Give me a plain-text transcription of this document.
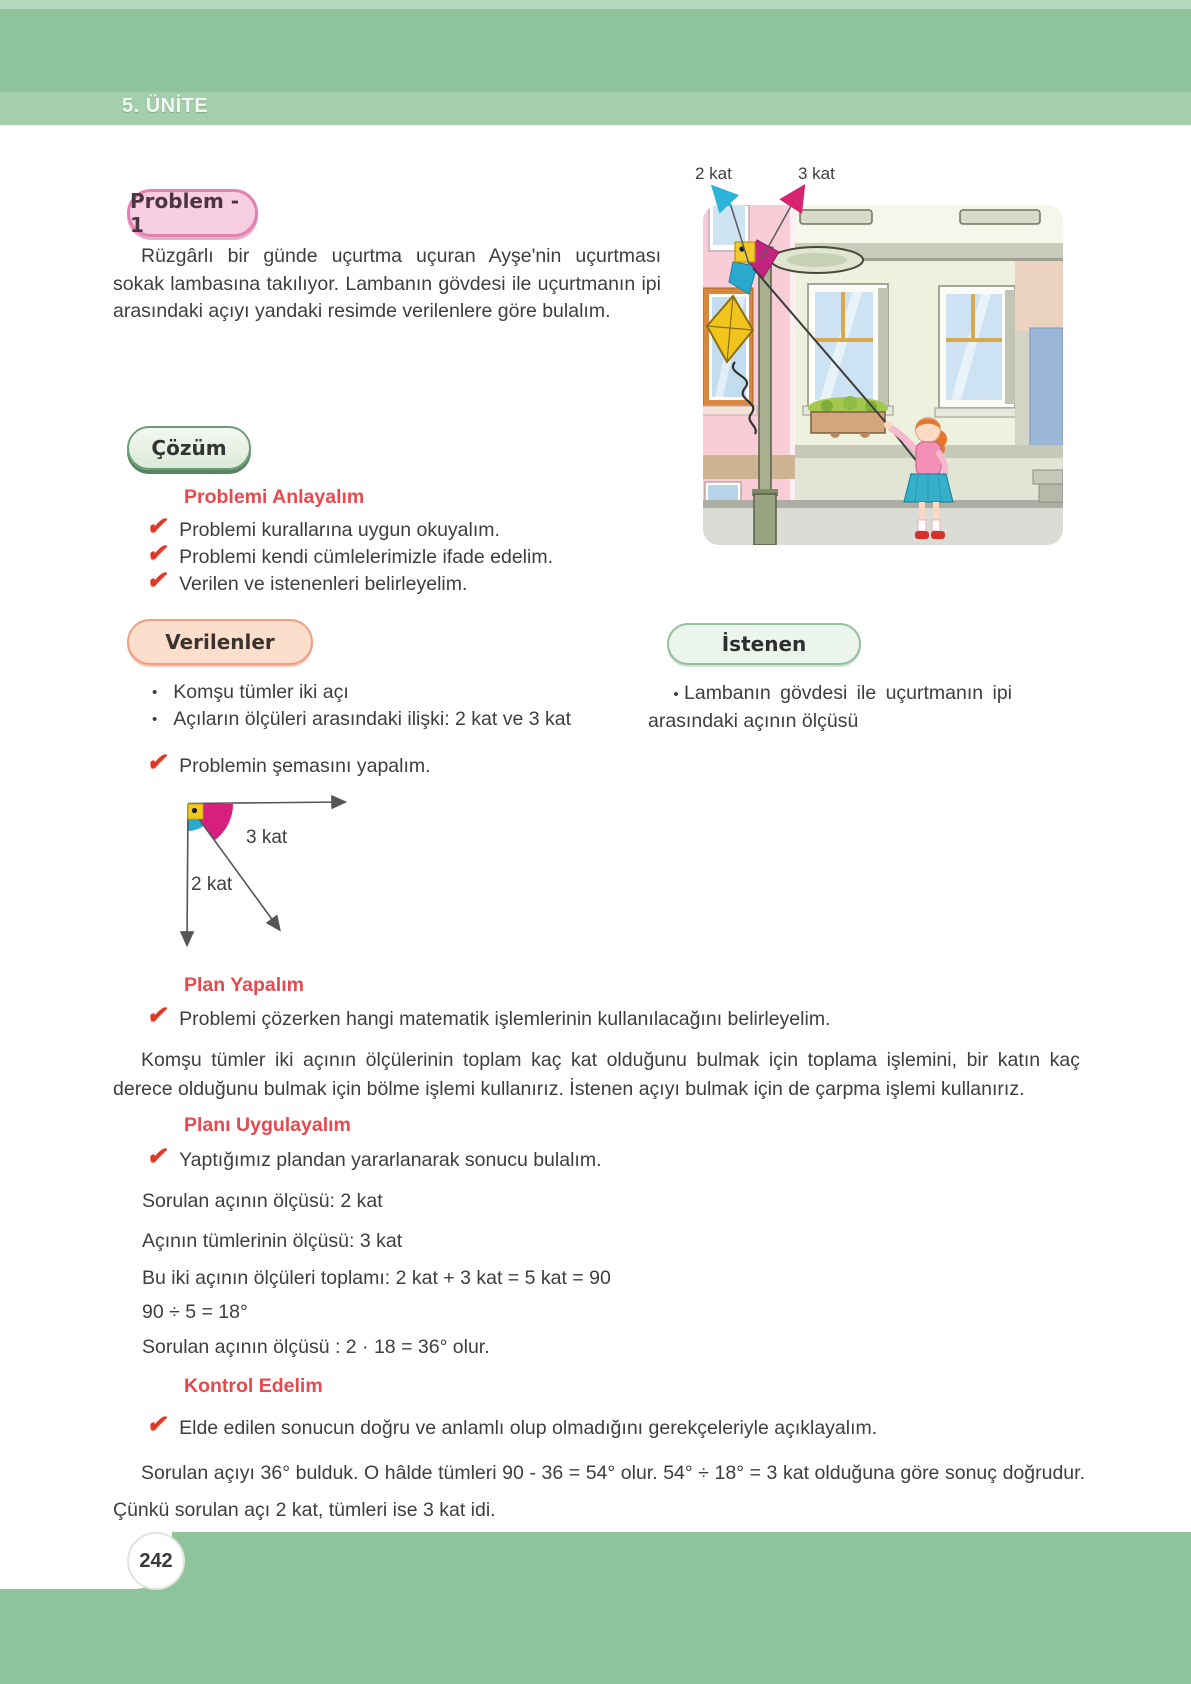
5. ÜNİTE
Problem - 1

Rüzgârlı bir günde uçurtma uçuran Ayşe'nin uçurtması sokak lambasına takılıyor. Lambanın gövdesi ile uçurtmanın ipi arasındaki açıyı yandaki resimde verilenlere göre bulalım.

2 kat	3 kat
Çözüm

Problemi Anlayalım

✔ Problemi kurallarına uygun okuyalım.
✔ Problemi kendi cümlelerimizle ifade edelim.
✔ Verilen ve istenenleri belirleyelim.
Verilenler	İstenen
• Komşu tümler iki açı
• Açıların ölçüleri arasındaki ilişki: 2 kat ve 3 kat

• Lambanın gövdesi ile uçurtmanın ipi arasındaki açının ölçüsü

✔ Problemin şemasını yapalım.
3 kat
2 kat

Plan Yapalım

✔ Problemi çözerken hangi matematik işlemlerinin kullanılacağını belirleyelim.

Komşu tümler iki açının ölçülerinin toplam kaç kat olduğunu bulmak için toplama işlemini, bir katın kaç derece olduğunu bulmak için bölme işlemi kullanırız. İstenen açıyı bulmak için de çarpma işlemi kullanırız.

Planı Uygulayalım

✔ Yaptığımız plandan yararlanarak sonucu bulalım.

Sorulan açının ölçüsü: 2 kat

Açının tümlerinin ölçüsü: 3 kat

Bu iki açının ölçüleri toplamı: 2 kat + 3 kat = 5 kat = 90

90 ÷ 5 = 18°

Sorulan açının ölçüsü : 2 · 18 = 36° olur.

Kontrol Edelim

✔ Elde edilen sonucun doğru ve anlamlı olup olmadığını gerekçeleriyle açıklayalım.

Sorulan açıyı 36° bulduk. O hâlde tümleri 90 - 36 = 54° olur. 54° ÷ 18° = 3 kat olduğuna göre sonuç doğrudur. Çünkü sorulan açı 2 kat, tümleri ise 3 kat idi.

242
